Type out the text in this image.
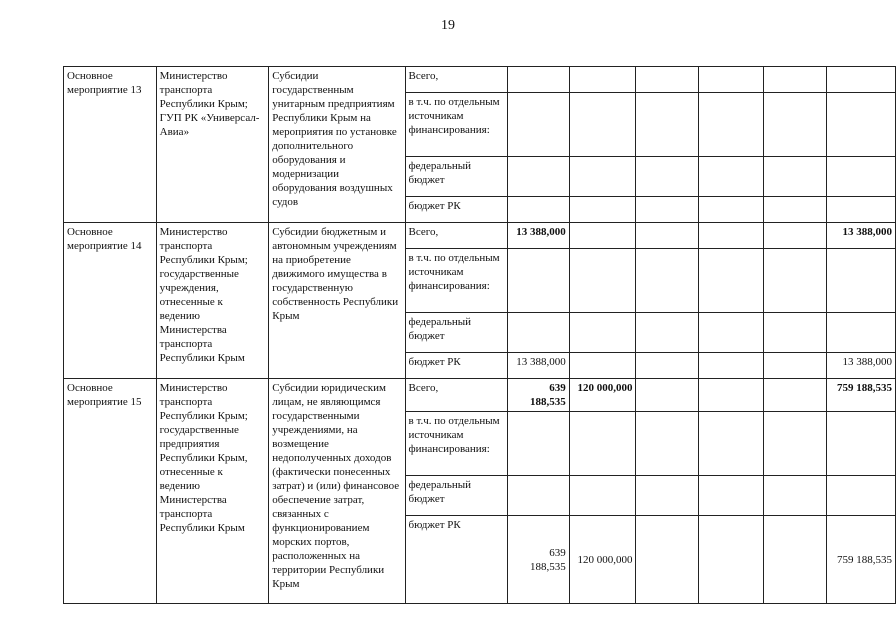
19
Основное мероприятие 13	Министерство транспорта Республики Крым; ГУП РК «Универсал-Авиа»	Субсидии государственным унитарным предприятиям Республики Крым на мероприятия по установке дополнительного оборудования и модернизации оборудования воздушных судов	Всего,						
			в т.ч. по отдельным источникам финансирования:						
			федеральный бюджет						
			бюджет РК						
Основное мероприятие 14	Министерство транспорта Республики Крым; государственные учреждения, отнесенные к ведению Министерства транспорта Республики Крым	Субсидии бюджетным и автономным учреждениям на приобретение движимого имущества в государственную собственность Республики Крым	Всего,	13 388,000					13 388,000
			в т.ч. по отдельным источникам финансирования:						
			федеральный бюджет						
			бюджет РК	13 388,000					13 388,000
Основное мероприятие 15	Министерство транспорта Республики Крым; государственные предприятия Республики Крым, отнесенные к ведению Министерства транспорта Республики Крым	Субсидии юридическим лицам, не являющимся государственными учреждениями, на возмещение недополученных доходов (фактически понесенных затрат) и (или) финансовое обеспечение затрат, связанных с функционированием морских портов, расположенных на территории Республики Крым	Всего,	639 188,535	120 000,000				759 188,535
			в т.ч. по отдельным источникам финансирования:						
			федеральный бюджет						
			бюджет РК	639 188,535	120 000,000				759 188,535
